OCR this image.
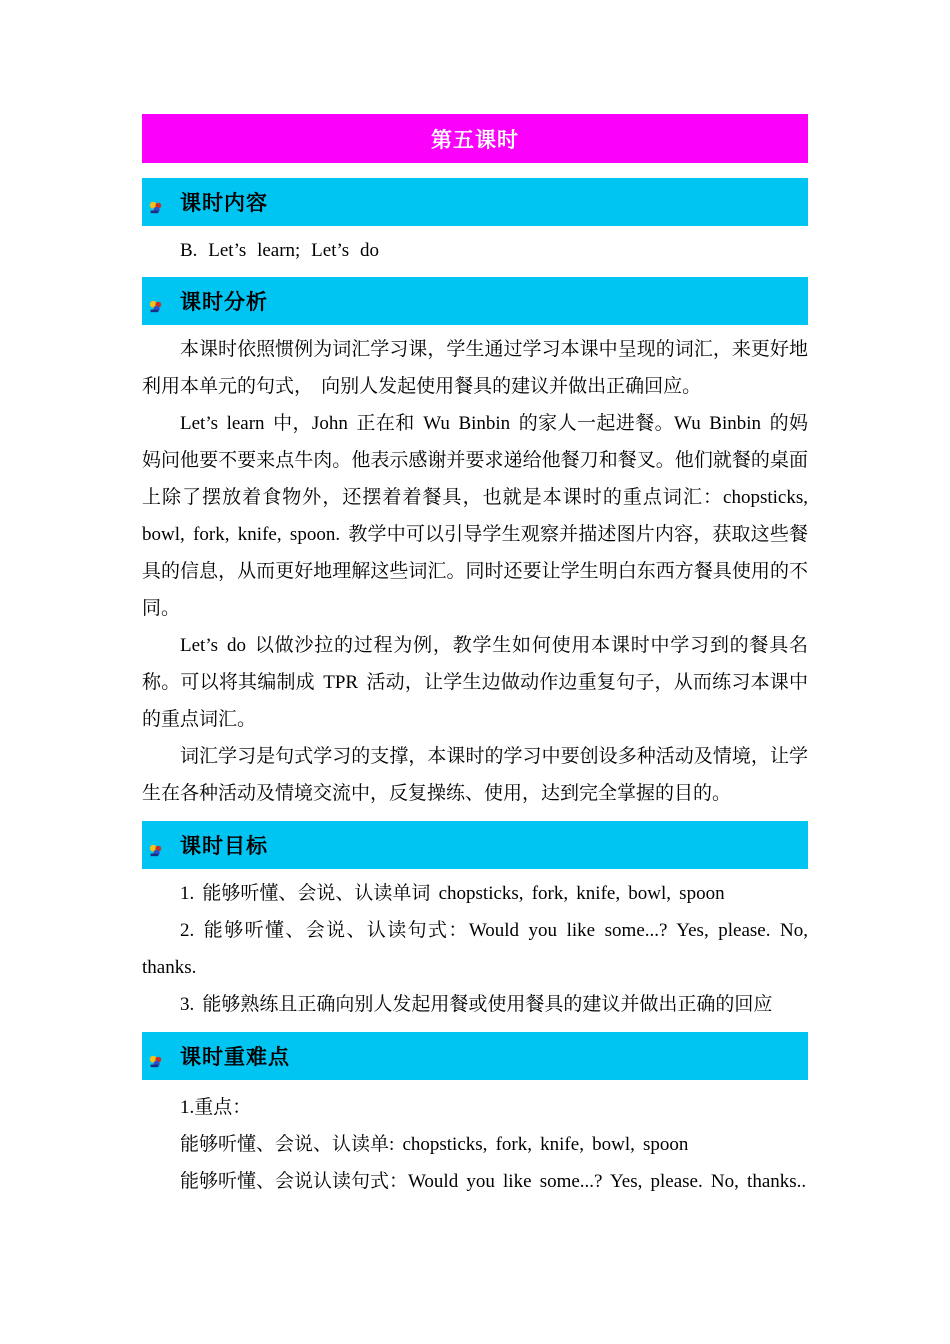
第五课时
课时内容

B. Let’s learn; Let’s do

课时分析

本课时依照惯例为词汇学习课，学生通过学习本课中呈现的词汇，来更好地利用本单元的句式， 向别人发起使用餐具的建议并做出正确回应。

Let’s learn 中，John 正在和 Wu Binbin 的家人一起进餐。Wu Binbin 的妈妈问他要不要来点牛肉。他表示感谢并要求递给他餐刀和餐叉。他们就餐的桌面上除了摆放着食物外，还摆着着餐具，也就是本课时的重点词汇：chopsticks, bowl, fork, knife, spoon. 教学中可以引导学生观察并描述图片内容，获取这些餐具的信息，从而更好地理解这些词汇。同时还要让学生明白东西方餐具使用的不同。

Let’s do 以做沙拉的过程为例，教学生如何使用本课时中学习到的餐具名称。可以将其编制成 TPR 活动，让学生边做动作边重复句子，从而练习本课中的重点词汇。

词汇学习是句式学习的支撑，本课时的学习中要创设多种活动及情境，让学生在各种活动及情境交流中，反复操练、使用，达到完全掌握的目的。

课时目标

1. 能够听懂、会说、认读单词 chopsticks, fork, knife, bowl, spoon

2. 能够听懂、会说、认读句式：Would you like some...? Yes, please. No, thanks.

3. 能够熟练且正确向别人发起用餐或使用餐具的建议并做出正确的回应

课时重难点

1.重点：

能够听懂、会说、认读单: chopsticks, fork, knife, bowl, spoon

能够听懂、会说认读句式：Would you like some...? Yes, please. No, thanks..
